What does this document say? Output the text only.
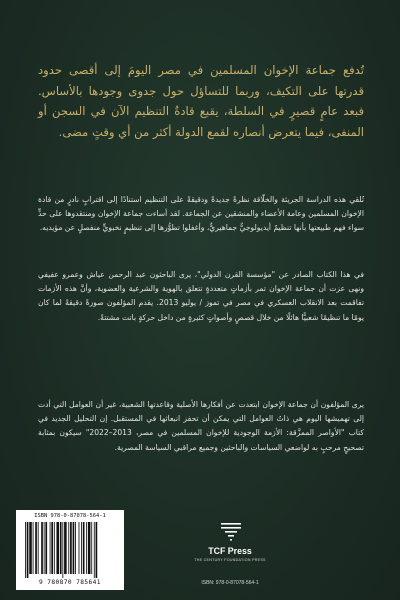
تُدفع جماعة الإخوان المسلمين في مصر اليومَ إلى أقصى حدود قدرتها على التكيف، وربما للتساؤل حول جدوى وجودها بالأساس. فبعد عامٍ قصيرٍ في السلطة، يقبع قادةُ التنظيم الآن في السجن أو المنفى، فيما يتعرض أنصاره لقمع الدولة أكثر من أي وقتٍ مضى.

تُلقي هذه الدراسة الجريئة والخلّاقة نظرةً جديدةً ودقيقةً على التنظيم استنادًا إلى اقترابٍ نادرٍ من قادة الإخوان المسلمين وعامة الأعضاء والمنشقين عن الجماعة. لقد أساءت جماعة الإخوان ومنتقدوها على حدٍّ سواء فهم طبيعتها بأنها تنظيمٌ أيديولوجيٌّ جماهيريٌّ، وأغفلوا تطوُّرها إلى تنظيمٍ نخبويٍّ منفصلٍ عن مؤيديه.

في هذا الكتاب الصادر عن "مؤسسة القرن الدولي"، يرى الباحثون عبد الرحمن عياش وعمرو عفيفي ونهى عزت أن جماعة الإخوان تمر بأزماتٍ متعددةٍ تتعلق بالهوية والشرعية والعضوية، وأنَّ هذه الأزمات تفاقمت بعد الانقلاب العسكري في مصر في تموز / يوليو 2013. يقدم المؤلفون صورةً دقيقةً لما كان يومًا ما تنظيمًا شعبيًّا هائلًا من خلال قصصٍ وأصواتٍ كثيرةٍ من داخل حركةٍ باتت مشتتةً.

يرى المؤلفون أن جماعة الإخوان ابتعدت عن أفكارها الأصلية وقاعدتها الشعبية، غير أن العوامل التي أدت إلى تهميشها اليوم هي ذاتُ العوامل التي يمكن أن تحفز انبعاثها في المستقبل. إن التحليل الجديد في كتاب "الأواصر الممزَّقة: الأزمة الوجودية للإخوان المسلمين في مصر، 2013–2022" سيكون بمثابة تصحيحٍ مرحبٍ به لواضعي السياسات والباحثين وجميع مراقبي السياسة المصرية.

ISBN 978-0-87078-564-1
9 780870 785641
TCF Press
THE CENTURY FOUNDATION PRESS
ISBN: 978-0-87078-564-1
